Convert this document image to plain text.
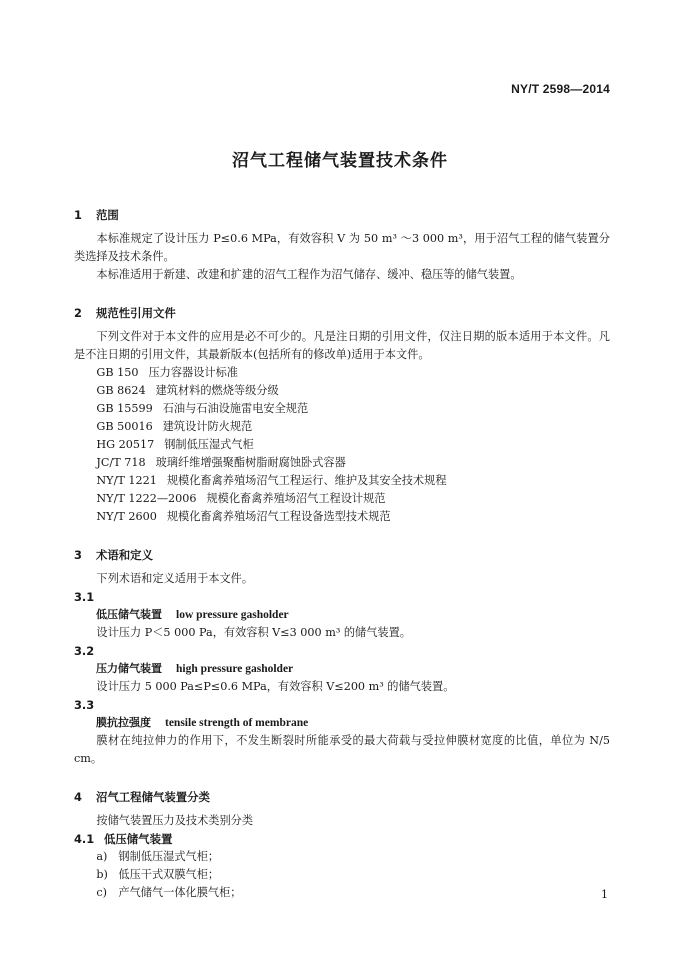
NY/T 2598—2014
沼气工程储气装置技术条件
1 范围

本标准规定了设计压力 P≤0.6 MPa，有效容积 V 为 50 m³ ～3 000 m³，用于沼气工程的储气装置分类选择及技术条件。

本标准适用于新建、改建和扩建的沼气工程作为沼气储存、缓冲、稳压等的储气装置。

2 规范性引用文件

下列文件对于本文件的应用是必不可少的。凡是注日期的引用文件，仅注日期的版本适用于本文件。凡是不注日期的引用文件，其最新版本(包括所有的修改单)适用于本文件。

GB 150 压力容器设计标准

GB 8624 建筑材料的燃烧等级分级

GB 15599 石油与石油设施雷电安全规范

GB 50016 建筑设计防火规范

HG 20517 钢制低压湿式气柜

JC/T 718 玻璃纤维增强聚酯树脂耐腐蚀卧式容器

NY/T 1221 规模化畜禽养殖场沼气工程运行、维护及其安全技术规程

NY/T 1222—2006 规模化畜禽养殖场沼气工程设计规范

NY/T 2600 规模化畜禽养殖场沼气工程设备选型技术规范

3 术语和定义

下列术语和定义适用于本文件。

3.1

低压储气装置 low pressure gasholder

设计压力 P＜5 000 Pa，有效容积 V≤3 000 m³ 的储气装置。

3.2

压力储气装置 high pressure gasholder

设计压力 5 000 Pa≤P≤0.6 MPa，有效容积 V≤200 m³ 的储气装置。

3.3

膜抗拉强度 tensile strength of membrane

膜材在纯拉伸力的作用下，不发生断裂时所能承受的最大荷载与受拉伸膜材宽度的比值，单位为 N/5 cm。

4 沼气工程储气装置分类

按储气装置压力及技术类别分类

4.1 低压储气装置

a) 钢制低压湿式气柜；

b) 低压干式双膜气柜；

c) 产气储气一体化膜气柜；	1
